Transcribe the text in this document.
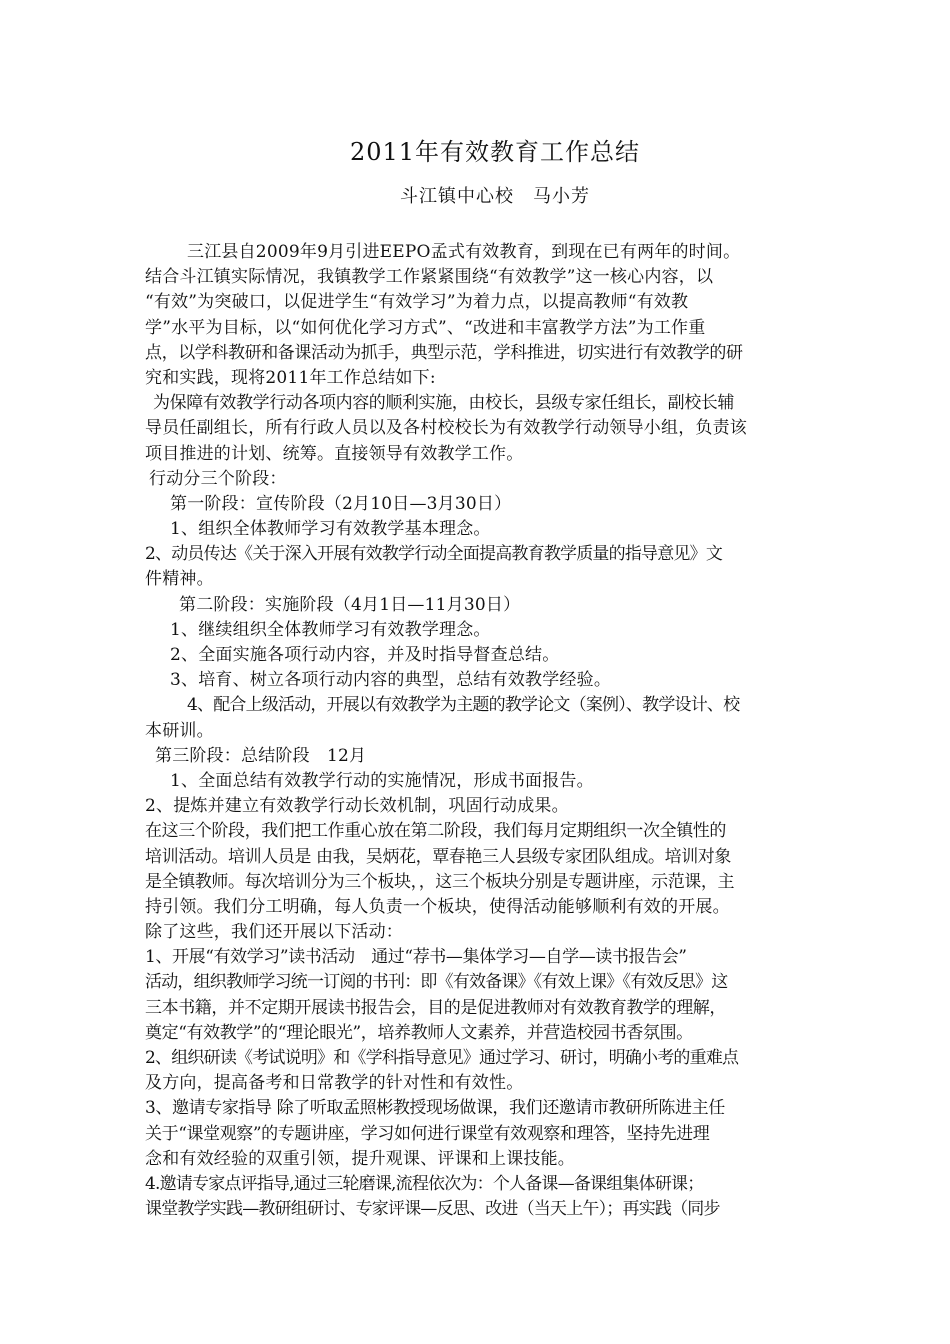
2011年有效教育工作总结
斗江镇中心校　马小芳
三江县自2009年9月引进EEPO孟式有效教育，到现在已有两年的时间。
结合斗江镇实际情况，我镇教学工作紧紧围绕“有效教学”这一核心内容，以
“有效”为突破口，以促进学生“有效学习”为着力点，以提高教师“有效教
学”水平为目标，以“如何优化学习方式”、“改进和丰富教学方法”为工作重
点，以学科教研和备课活动为抓手，典型示范，学科推进，切实进行有效教学的研
究和实践，现将2011年工作总结如下:
为保障有效教学行动各项内容的顺利实施，由校长，县级专家任组长，副校长辅
导员任副组长，所有行政人员以及各村校校长为有效教学行动领导小组，负责该
项目推进的计划、统筹。直接领导有效教学工作。
行动分三个阶段：
第一阶段：宣传阶段（2月10日—3月30日）
1、组织全体教师学习有效教学基本理念。
2、动员传达《关于深入开展有效教学行动全面提高教育教学质量的指导意见》文
件精神。
第二阶段：实施阶段（4月1日—11月30日）
1、继续组织全体教师学习有效教学理念。
2、全面实施各项行动内容，并及时指导督查总结。
3、培育、树立各项行动内容的典型，总结有效教学经验。
4、配合上级活动，开展以有效教学为主题的教学论文（案例）、教学设计、校
本研训。
第三阶段：总结阶段　12月
1、全面总结有效教学行动的实施情况，形成书面报告。
2、提炼并建立有效教学行动长效机制，巩固行动成果。
在这三个阶段，我们把工作重心放在第二阶段，我们每月定期组织一次全镇性的
培训活动。培训人员是 由我，吴炳花，覃春艳三人县级专家团队组成。培训对象
是全镇教师。每次培训分为三个板块，，这三个板块分别是专题讲座，示范课，主
持引领。我们分工明确，每人负责一个板块，使得活动能够顺利有效的开展。
除了这些，我们还开展以下活动：
1、开展“有效学习”读书活动　通过“荐书—集体学习—自学—读书报告会”
活动，组织教师学习统一订阅的书刊：即《有效备课》《有效上课》《有效反思》这
三本书籍，并不定期开展读书报告会，目的是促进教师对有效教育教学的理解，
奠定“有效教学”的“理论眼光”，培养教师人文素养，并营造校园书香氛围。
2、组织研读《考试说明》和《学科指导意见》通过学习、研讨，明确小考的重难点
及方向，提高备考和日常教学的针对性和有效性。
3、邀请专家指导 除了听取孟照彬教授现场做课，我们还邀请市教研所陈进主任
关于“课堂观察”的专题讲座，学习如何进行课堂有效观察和理答，坚持先进理
念和有效经验的双重引领，提升观课、评课和上课技能。
4.邀请专家点评指导,通过三轮磨课,流程依次为：个人备课—备课组集体研课；
课堂教学实践—教研组研讨、专家评课—反思、改进（当天上午）；再实践（同步
